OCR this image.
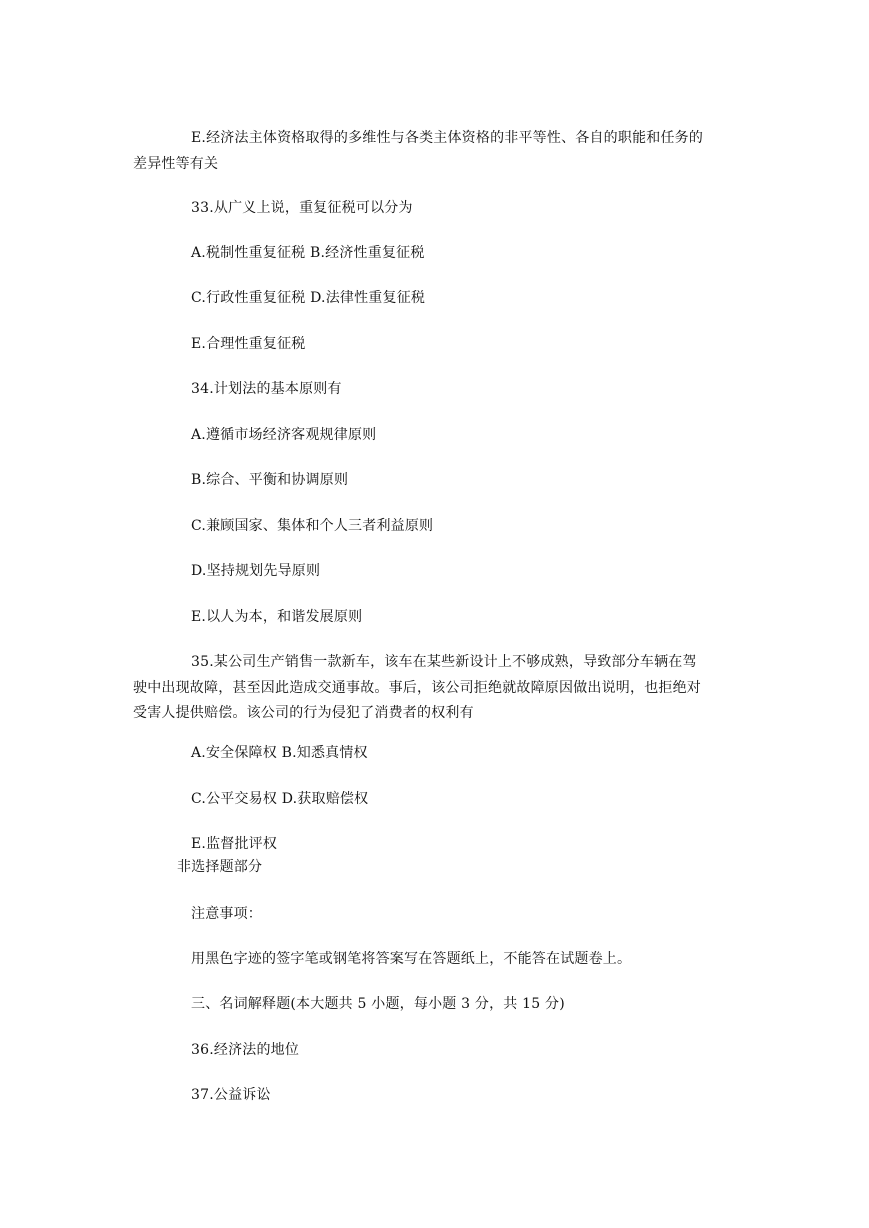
E.经济法主体资格取得的多维性与各类主体资格的非平等性、各自的职能和任务的
差异性等有关
33.从广义上说，重复征税可以分为
A.税制性重复征税 B.经济性重复征税
C.行政性重复征税 D.法律性重复征税
E.合理性重复征税
34.计划法的基本原则有
A.遵循市场经济客观规律原则
B.综合、平衡和协调原则
C.兼顾国家、集体和个人三者利益原则
D.坚持规划先导原则
E.以人为本，和谐发展原则
35.某公司生产销售一款新车，该车在某些新设计上不够成熟，导致部分车辆在驾
驶中出现故障，甚至因此造成交通事故。事后，该公司拒绝就故障原因做出说明，也拒绝对
受害人提供赔偿。该公司的行为侵犯了消费者的权利有
A.安全保障权 B.知悉真情权
C.公平交易权 D.获取赔偿权
E.监督批评权
非选择题部分
注意事项：
用黑色字迹的签字笔或钢笔将答案写在答题纸上，不能答在试题卷上。
三、名词解释题(本大题共 5 小题，每小题 3 分，共 15 分)
36.经济法的地位
37.公益诉讼
